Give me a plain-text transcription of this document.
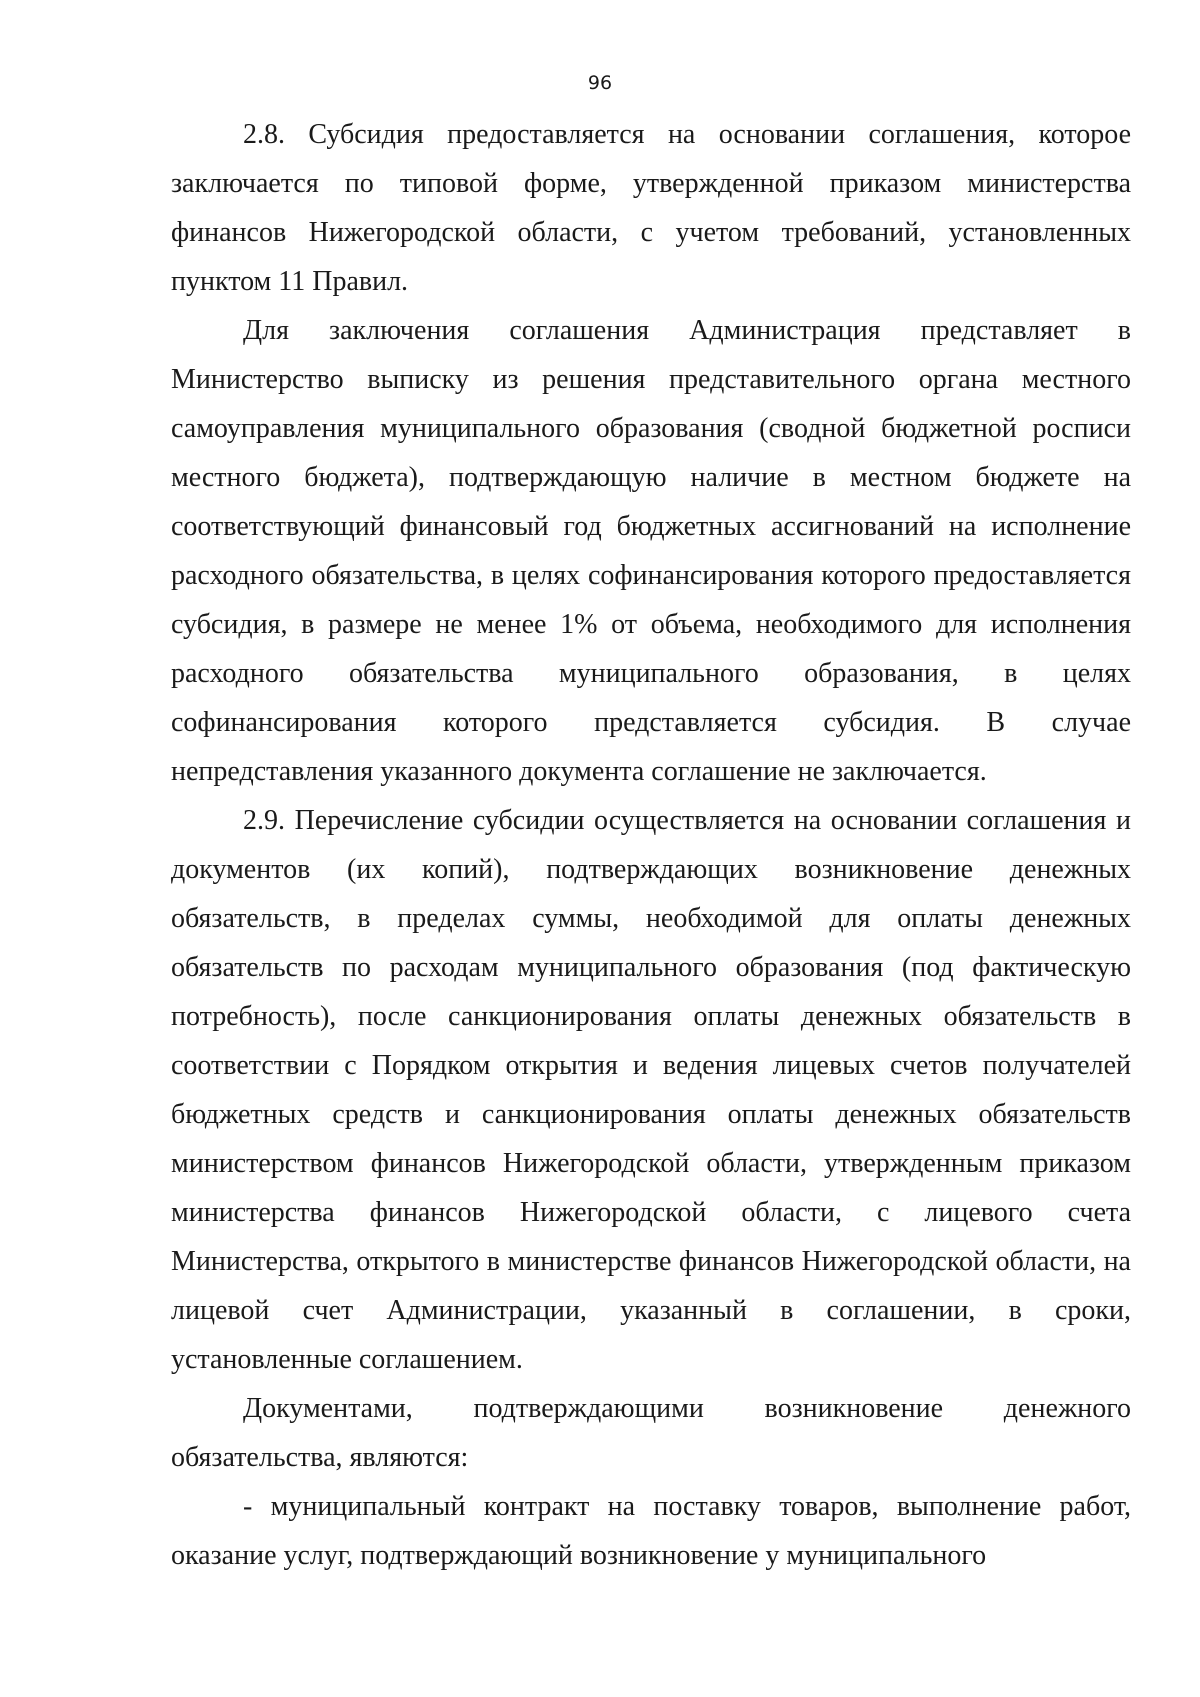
96

2.8. Субсидия предоставляется на основании соглашения, которое заключается по типовой форме, утвержденной приказом министерства финансов Нижегородской области, с учетом требований, установленных пунктом 11 Правил.

Для заключения соглашения Администрация представляет в Министерство выписку из решения представительного органа местного самоуправления муниципального образования (сводной бюджетной росписи местного бюджета), подтверждающую наличие в местном бюджете на соответствующий финансовый год бюджетных ассигнований на исполнение расходного обязательства, в целях софинансирования которого предоставляется субсидия, в размере не менее 1% от объема, необходимого для исполнения расходного обязательства муниципального образования, в целях софинансирования которого представляется субсидия. В случае непредставления указанного документа соглашение не заключается.

2.9. Перечисление субсидии осуществляется на основании соглашения и документов (их копий), подтверждающих возникновение денежных обязательств, в пределах суммы, необходимой для оплаты денежных обязательств по расходам муниципального образования (под фактическую потребность), после санкционирования оплаты денежных обязательств в соответствии с Порядком открытия и ведения лицевых счетов получателей бюджетных средств и санкционирования оплаты денежных обязательств министерством финансов Нижегородской области, утвержденным приказом министерства финансов Нижегородской области, с лицевого счета Министерства, открытого в министерстве финансов Нижегородской области, на лицевой счет Администрации, указанный в соглашении, в сроки, установленные соглашением.

Документами, подтверждающими возникновение денежного обязательства, являются:

- муниципальный контракт на поставку товаров, выполнение работ, оказание услуг, подтверждающий возникновение у муниципального
